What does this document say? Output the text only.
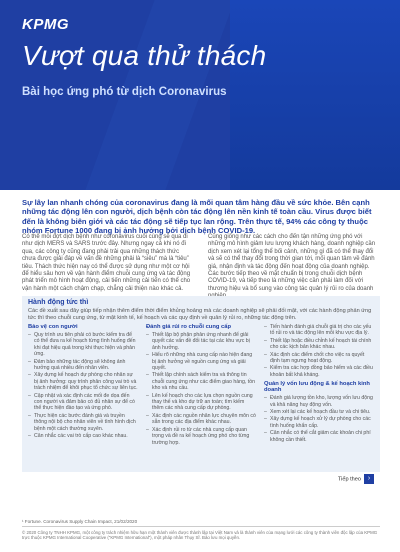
KPMG
Vượt qua thử thách
Bài học ứng phó từ dịch Coronavirus

Sự lây lan nhanh chóng của coronavirus đang là mối quan tâm hàng đầu về sức khỏe. Bên cạnh những tác động lên con người, dịch bệnh còn tác động lên nền kinh tế toàn cầu. Virus được biết đến là không biên giới và các tác động sẽ tiếp tục lan rộng. Trên thực tế, 94% các công ty thuộc nhóm Fortune 1000 đang bị ảnh hưởng bởi dịch bệnh COVID-19.

Có thể mỗi đợt dịch bệnh như coronavirus cuối cùng sẽ qua đi như dịch MERS và SARS trước đây. Nhưng ngay cả khi nó đi qua, các công ty cũng đang phải trải qua những thách thức chưa được giải đáp về vấn đề những phải là “siêu” mà là “tiêu” tiêu. Thách thức hiện nay có thể được sử dụng như một cơ hội để hiểu sâu hơn về vận hành điểm chuỗi cung ứng và tác động phát triển mô hình hoạt động, cải tiến những cải tiến có thể cho vận hành một cách chậm chạp, chẳng cải thiện nào khác cả.

Cũng giống như các cách cho đến tận những ứng phó với những mô hình giảm lưu lượng khách hàng, doanh nghiệp cần dịch xem xét lại tổng thể bối cảnh, những gì đã có thể thay đổi và sẽ có thể thay đổi trong thời gian tới, mối quan tâm về đánh giá, nhận định và tác động đến hoạt động của doanh nghiệp. Các bước tiếp theo về mặt chuẩn bị trong chuỗi dịch bệnh COVID-19, và tiếp theo là những việc cần phải làm đối với thương hiệu và bổ sung vào công tác quản lý rủi ro của doanh

Hành động tức thì

Các đề xuất sau đây giúp tiếp nhận thêm điểm thời điểm khủng hoảng mà các doanh nghiệp sẽ phải đối mặt, với các hành động phản ứng tức thì theo chuỗi cung ứng, từ mặt kinh tế, kế hoạch và các quy định về quản lý rủi ro, những tác động trên.

Bảo vệ con người
– Quy trình ưu tiên phải có bước kiểm tra để có thể đưa ra kế hoạch từng tình huống đến khi đạt hiệu quả trong khi thực hiện và phản ứng.
– Đảm bảo những tác động sẽ không ảnh hưởng quá nhiều đến nhân viên.
– Xây dựng kế hoạch dự phòng cho nhân sự bị ảnh hưởng: quy trình phân công vai trò và trách nhiệm để khôi phục tổ chức sự liên tục.
– Cập nhật và xác định các mối đe dọa đến con người và đảm bảo có đủ nhân sự để có thể thực hiện đào tạo và ứng phó.
– Thực hiện các bước đánh giá và truyền thông nội bộ cho nhân viên về tình hình dịch bệnh một cách thường xuyên.
– Cân nhắc các vai trò cấp cao khác nhau.
Đánh giá rủi ro chuỗi cung cấp
– Thiết lập bộ phận phản ứng nhanh để giải quyết các vấn đề đối tác tại các khu vực bị ảnh hưởng.
– Hiểu rõ những nhà cung cấp nào hiện đang bị ảnh hưởng về nguồn cung ứng và giải quyết.
– Thiết lập chính sách kiểm tra và thông tin chuỗi cung ứng như các điểm giao hàng, tồn kho và nhu cầu.
– Lên kế hoạch cho các lựa chọn nguồn cung thay thế và kho dự trữ an toàn; tìm kiếm thêm các nhà cung cấp dự phòng.
– Xác định các nguồn nhân lực chuyên môn có sẵn trong các địa điểm khác nhau.
– Xác định rủi ro từ các nhà cung cấp quan trọng và đề ra kế hoạch ứng phó cho từng trường hợp.
– Tiến hành đánh giá chuỗi giá trị cho các yếu tố rủi ro và tác động lên mỗi khu vực địa lý.
– Thiết lập hoặc điều chỉnh kế hoạch tài chính cho các kịch bản khác nhau.
– Xác định các điểm chốt cho việc ra quyết định tạm ngưng hoạt động.
– Kiểm tra các hợp đồng bảo hiểm và các điều khoản bất khả kháng.
Quản lý vốn lưu động & kế hoạch kinh doanh
– Đánh giá lượng tồn kho, lượng vốn lưu động và khả năng huy động vốn.
– Xem xét lại các kế hoạch đầu tư và chi tiêu.
– Xây dựng kế hoạch xử lý dự phòng cho các tình huống khẩn cấp.
– Cân nhắc có thể cắt giảm các khoản chi phí không cần thiết.
Tiếp theo ›

¹ Fortune. Coronavirus Supply Chain Impact, 21/02/2020

© 2020 Công ty TNHH KPMG, một công ty trách nhiệm hữu hạn một thành viên được thành lập tại Việt Nam và là thành viên của mạng lưới các công ty thành viên độc lập của KPMG trực thuộc KPMG International Cooperative (“KPMG International”), một pháp nhân Thụy Sĩ. Bảo lưu mọi quyền.
